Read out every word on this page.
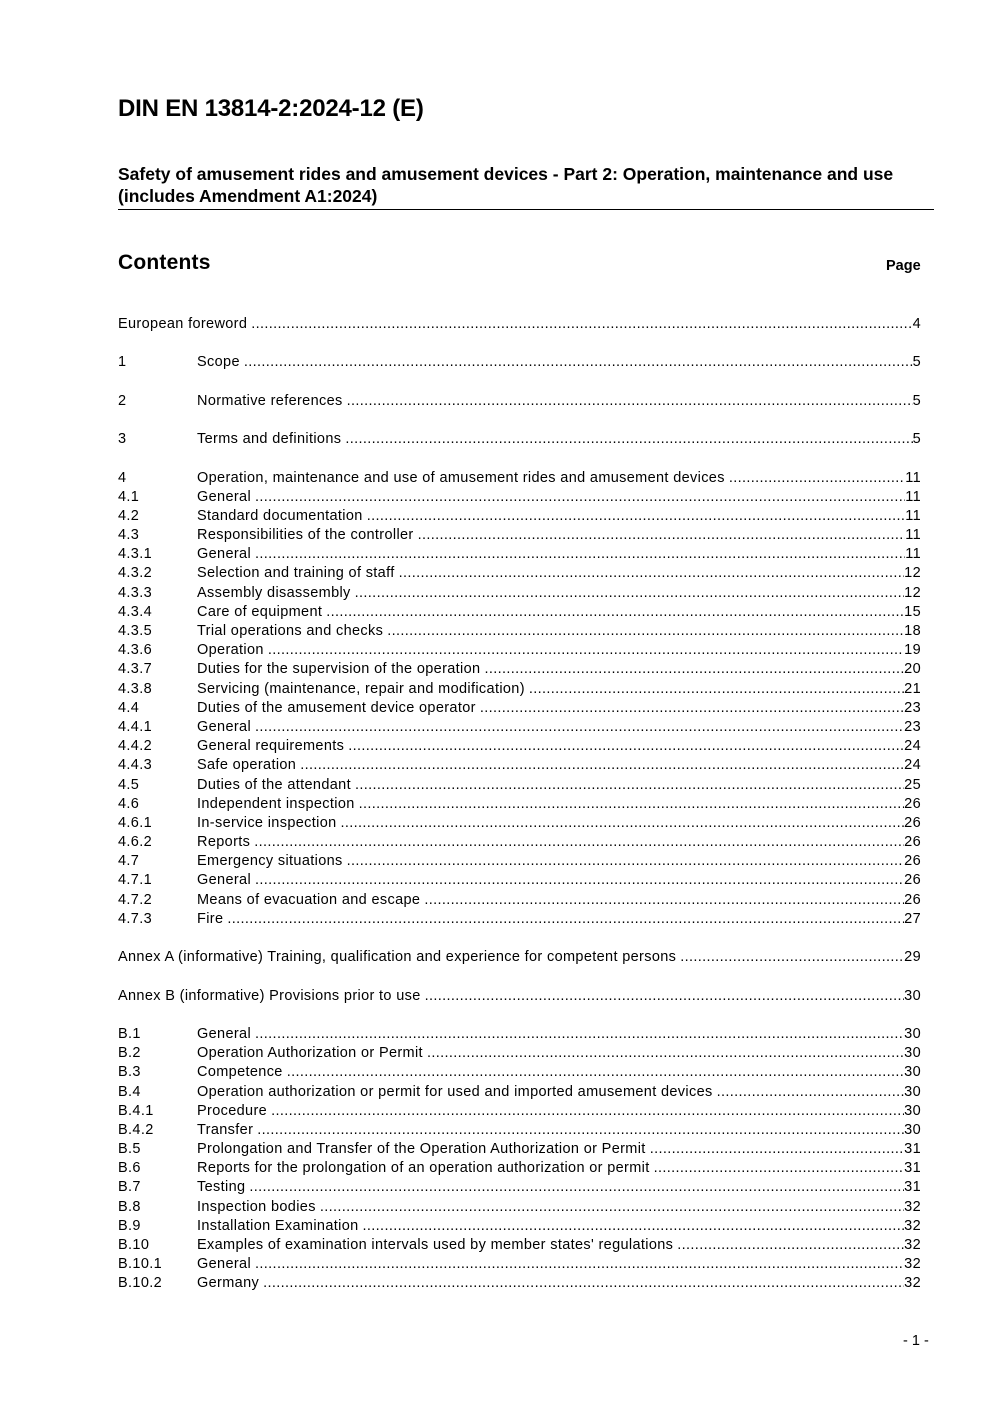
DIN EN 13814-2:2024-12 (E)
Safety of amusement rides and amusement devices - Part 2: Operation, maintenance and use (includes Amendment A1:2024)
Contents	Page
European foreword .....	4
1	Scope .....	5
2	Normative references .....	5
3	Terms and definitions .....	5
4	Operation, maintenance and use of amusement rides and amusement devices .....	11
4.1	General .....	11
4.2	Standard documentation .....	11
4.3	Responsibilities of the controller .....	11
4.3.1	General .....	11
4.3.2	Selection and training of staff .....	12
4.3.3	Assembly disassembly .....	12
4.3.4	Care of equipment .....	15
4.3.5	Trial operations and checks .....	18
4.3.6	Operation .....	19
4.3.7	Duties for the supervision of the operation .....	20
4.3.8	Servicing (maintenance, repair and modification) .....	21
4.4	Duties of the amusement device operator .....	23
4.4.1	General .....	23
4.4.2	General requirements .....	24
4.4.3	Safe operation .....	24
4.5	Duties of the attendant .....	25
4.6	Independent inspection .....	26
4.6.1	In-service inspection .....	26
4.6.2	Reports .....	26
4.7	Emergency situations .....	26
4.7.1	General .....	26
4.7.2	Means of evacuation and escape .....	26
4.7.3	Fire .....	27
Annex A (informative) Training, qualification and experience for competent persons .....	29
Annex B (informative) Provisions prior to use .....	30
B.1	General .....	30
B.2	Operation Authorization or Permit .....	30
B.3	Competence .....	30
B.4	Operation authorization or permit for used and imported amusement devices .....	30
B.4.1	Procedure .....	30
B.4.2	Transfer .....	30
B.5	Prolongation and Transfer of the Operation Authorization or Permit .....	31
B.6	Reports for the prolongation of an operation authorization or permit .....	31
B.7	Testing .....	31
B.8	Inspection bodies .....	32
B.9	Installation Examination .....	32
B.10	Examples of examination intervals used by member states' regulations .....	32
B.10.1	General .....	32
B.10.2	Germany .....	32
- 1 -
